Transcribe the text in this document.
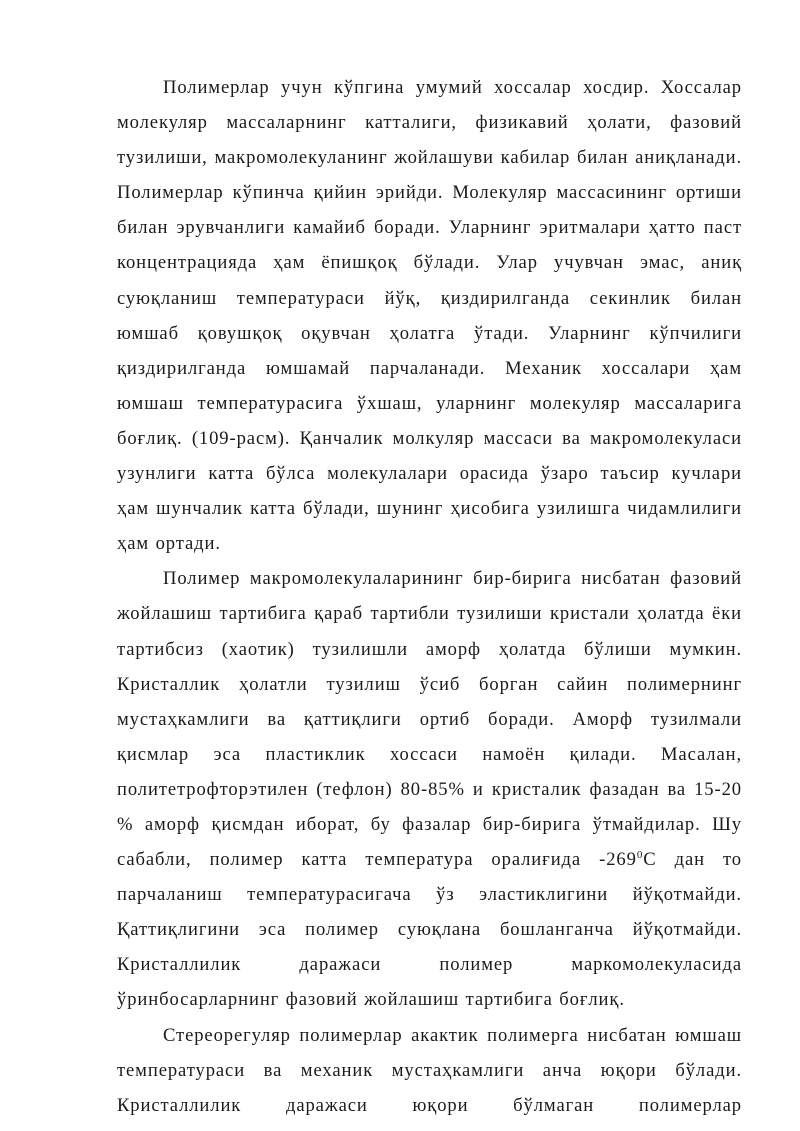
Полимерлар учун кўпгина умумий хоссалар хосдир. Хоссалар молекуляр массаларнинг катталиги, физикавий ҳолати, фазовий тузилиши, макромолекуланинг жойлашуви кабилар билан аниқланади. Полимерлар кўпинча қийин эрийди. Молекуляр массасининг ортиши билан эрувчанлиги камайиб боради. Уларнинг эритмалари ҳатто паст концентрацияда ҳам ёпишқоқ бўлади. Улар учувчан эмас, аниқ суюқланиш температураси йўқ, қиздирилганда секинлик билан юмшаб қовушқоқ оқувчан ҳолатга ўтади. Уларнинг кўпчилиги қиздирилганда юмшамай парчаланади. Механик хоссалари ҳам юмшаш температурасига ўхшаш, уларнинг молекуляр массаларига боғлиқ. (109-расм). Қанчалик молкуляр массаси ва макромолекуласи узунлиги катта бўлса молекулалари орасида ўзаро таъсир кучлари ҳам шунчалик катта бўлади, шунинг ҳисобига узилишга чидамлилиги ҳам ортади.

Полимер макромолекулаларининг бир-бирига нисбатан фазовий жойлашиш тартибига қараб тартибли тузилиши кристали ҳолатда ёки тартибсиз (хаотик) тузилишли аморф ҳолатда бўлиши мумкин. Кристаллик ҳолатли тузилиш ўсиб борган сайин полимернинг мустаҳкамлиги ва қаттиқлиги ортиб боради. Аморф тузилмали қисмлар эса пластиклик хоссаси намоён қилади. Масалан, политетрофторэтилен (тефлон) 80-85% и кристалик фазадан ва 15-20 % аморф қисмдан иборат, бу фазалар бир-бирига ўтмайдилар. Шу сабабли, полимер катта температура оралиғида $-269^0С$ дан то парчаланиш температурасигача ўз эластиклигини йўқотмайди. Қаттиқлигини эса полимер суюқлана бошланганча йўқотмайди. Кристаллилик даражаси полимер маркомолекуласида ўринбосарларнинг фазовий жойлашиш тартибига боғлиқ.

Стереорегуляр полимерлар акактик полимерга нисбатан юмшаш температураси ва механик мустаҳкамлиги анча юқори бўлади. Кристаллилик даражаси юқори бўлмаган полимерлар
